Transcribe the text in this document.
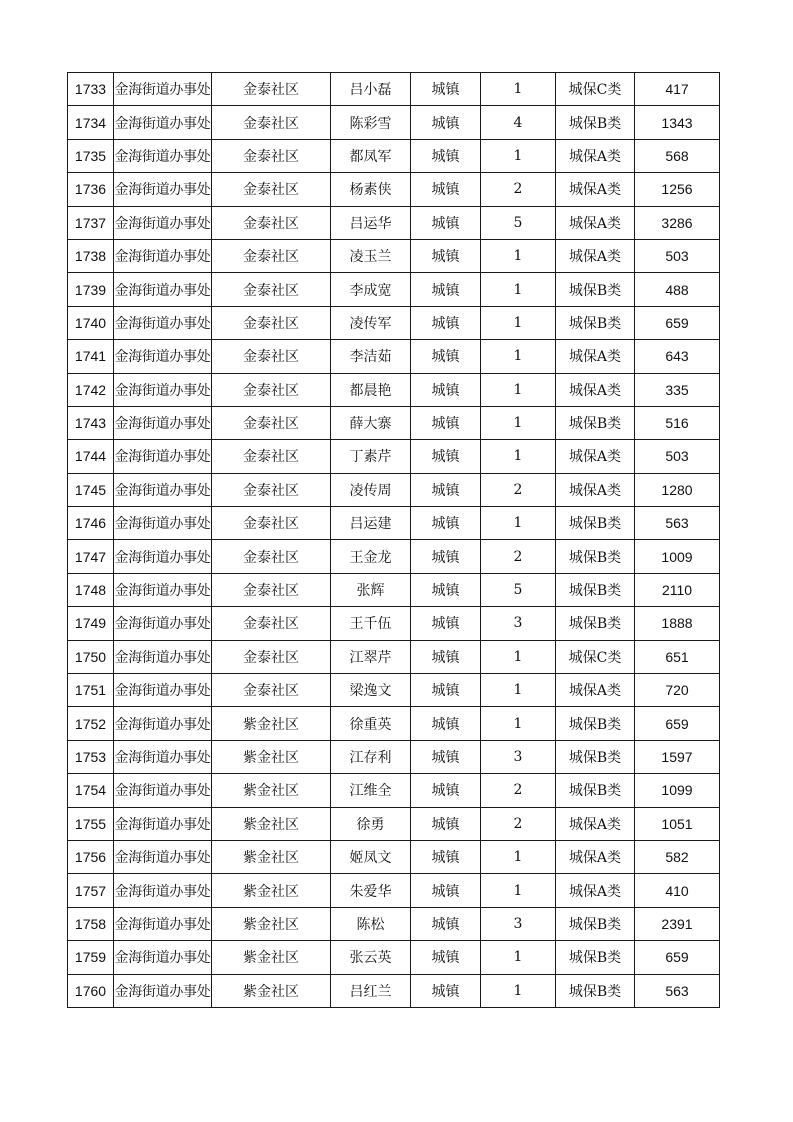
1733	金海街道办事处	金泰社区	吕小磊	城镇	1	城保C类	417
1734	金海街道办事处	金泰社区	陈彩雪	城镇	4	城保B类	1343
1735	金海街道办事处	金泰社区	都凤军	城镇	1	城保A类	568
1736	金海街道办事处	金泰社区	杨素侠	城镇	2	城保A类	1256
1737	金海街道办事处	金泰社区	吕运华	城镇	5	城保A类	3286
1738	金海街道办事处	金泰社区	凌玉兰	城镇	1	城保A类	503
1739	金海街道办事处	金泰社区	李成宽	城镇	1	城保B类	488
1740	金海街道办事处	金泰社区	凌传军	城镇	1	城保B类	659
1741	金海街道办事处	金泰社区	李洁茹	城镇	1	城保A类	643
1742	金海街道办事处	金泰社区	都晨艳	城镇	1	城保A类	335
1743	金海街道办事处	金泰社区	薛大寨	城镇	1	城保B类	516
1744	金海街道办事处	金泰社区	丁素芹	城镇	1	城保A类	503
1745	金海街道办事处	金泰社区	凌传周	城镇	2	城保A类	1280
1746	金海街道办事处	金泰社区	吕运建	城镇	1	城保B类	563
1747	金海街道办事处	金泰社区	王金龙	城镇	2	城保B类	1009
1748	金海街道办事处	金泰社区	张辉	城镇	5	城保B类	2110
1749	金海街道办事处	金泰社区	王千伍	城镇	3	城保B类	1888
1750	金海街道办事处	金泰社区	江翠芹	城镇	1	城保C类	651
1751	金海街道办事处	金泰社区	梁逸文	城镇	1	城保A类	720
1752	金海街道办事处	紫金社区	徐重英	城镇	1	城保B类	659
1753	金海街道办事处	紫金社区	江存利	城镇	3	城保B类	1597
1754	金海街道办事处	紫金社区	江维全	城镇	2	城保B类	1099
1755	金海街道办事处	紫金社区	徐勇	城镇	2	城保A类	1051
1756	金海街道办事处	紫金社区	姬凤文	城镇	1	城保A类	582
1757	金海街道办事处	紫金社区	朱爱华	城镇	1	城保A类	410
1758	金海街道办事处	紫金社区	陈松	城镇	3	城保B类	2391
1759	金海街道办事处	紫金社区	张云英	城镇	1	城保B类	659
1760	金海街道办事处	紫金社区	吕红兰	城镇	1	城保B类	563
